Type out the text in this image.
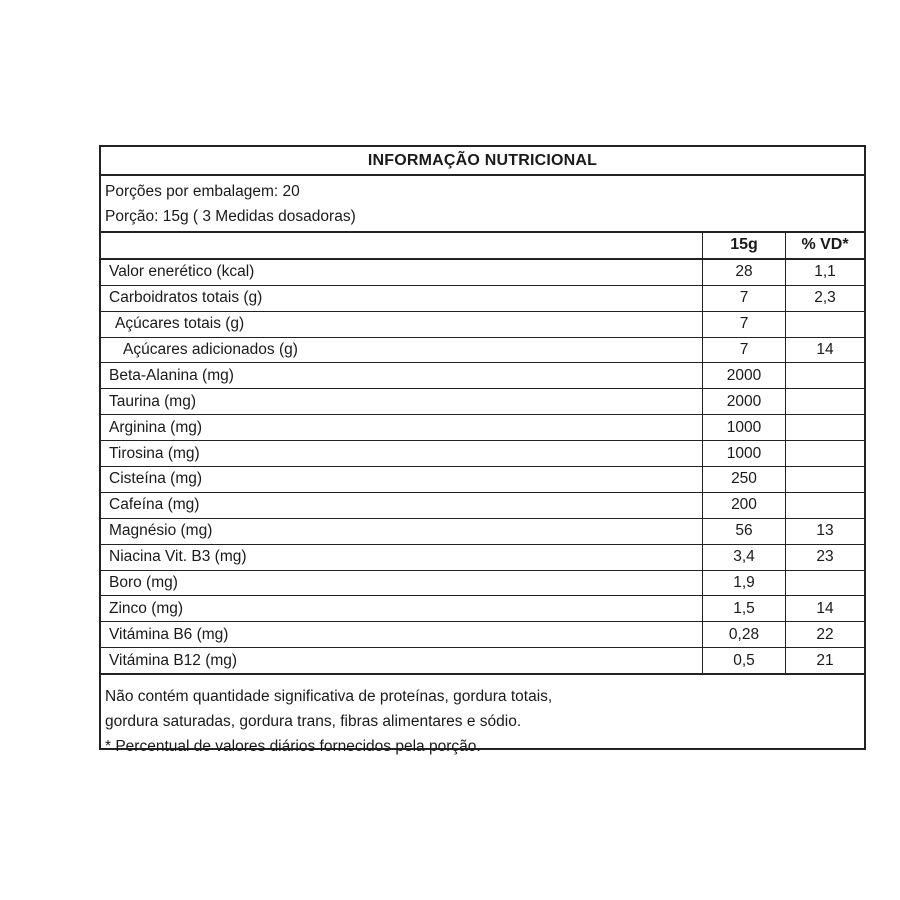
INFORMAÇÃO NUTRICIONAL
Porções por embalagem: 20
Porção: 15g ( 3 Medidas dosadoras)
	15g	% VD*
Valor enerético (kcal)	28	1,1
Carboidratos totais (g)	7	2,3
Açúcares totais (g)	7	
Açúcares adicionados (g)	7	14
Beta-Alanina (mg)	2000	
Taurina (mg)	2000	
Arginina (mg)	1000	
Tirosina (mg)	1000	
Cisteína (mg)	250	
Cafeína (mg)	200	
Magnésio (mg)	56	13
Niacina Vit. B3 (mg)	3,4	23
Boro (mg)	1,9	
Zinco (mg)	1,5	14
Vitámina B6 (mg)	0,28	22
Vitámina B12 (mg)	0,5	21
Não contém quantidade significativa de proteínas, gordura totais,
gordura saturadas, gordura trans, fibras alimentares e sódio.
* Percentual de valores diários fornecidos pela porção.
